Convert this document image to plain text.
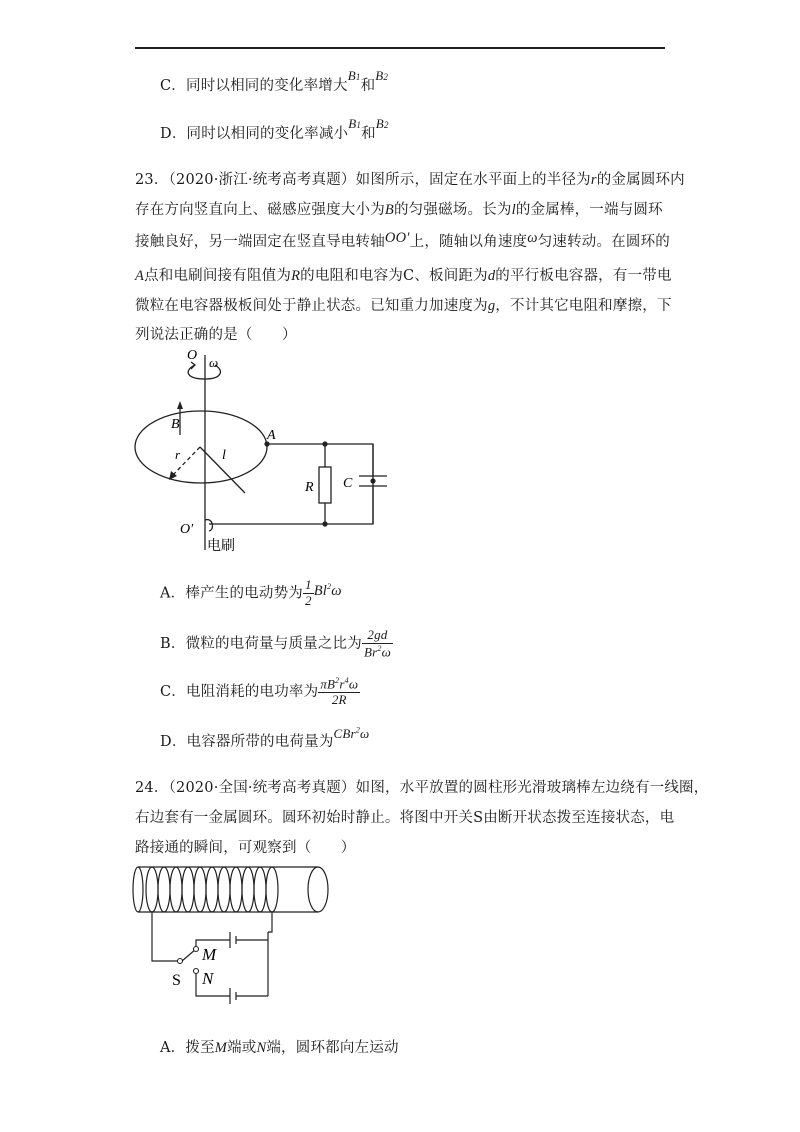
C．同时以相同的变化率增大B1和B2
D．同时以相同的变化率减小B1和B2
23．（2020·浙江·统考高考真题）如图所示，固定在水平面上的半径为r的金属圆环内
存在方向竖直向上、磁感应强度大小为B的匀强磁场。长为l的金属棒，一端与圆环
接触良好，另一端固定在竖直导电转轴OO′上，随轴以角速度ω匀速转动。在圆环的
A点和电刷间接有阻值为R的电阻和电容为C、板间距为d的平行板电容器，有一带电
微粒在电容器极板间处于静止状态。已知重力加速度为g，不计其它电阻和摩擦，下
列说法正确的是（　　）
O ω
B
A
r	l
R C
O′
电刷
A．棒产生的电动势为 $\frac{1}{2} Bl^2\omega$
B．微粒的电荷量与质量之比为 $\frac{2gd}{Br^2\omega}$
C．电阻消耗的电功率为 $\frac{\pi B^2r^4\omega}{2R}$
D．电容器所带的电荷量为CBr$^2$ω
24．（2020·全国·统考高考真题）如图，水平放置的圆柱形光滑玻璃棒左边绕有一线圈，
右边套有一金属圆环。圆环初始时静止。将图中开关S由断开状态拨至连接状态，电
路接通的瞬间，可观察到（　　）
M
N
S
A．拨至M端或N端，圆环都向左运动
